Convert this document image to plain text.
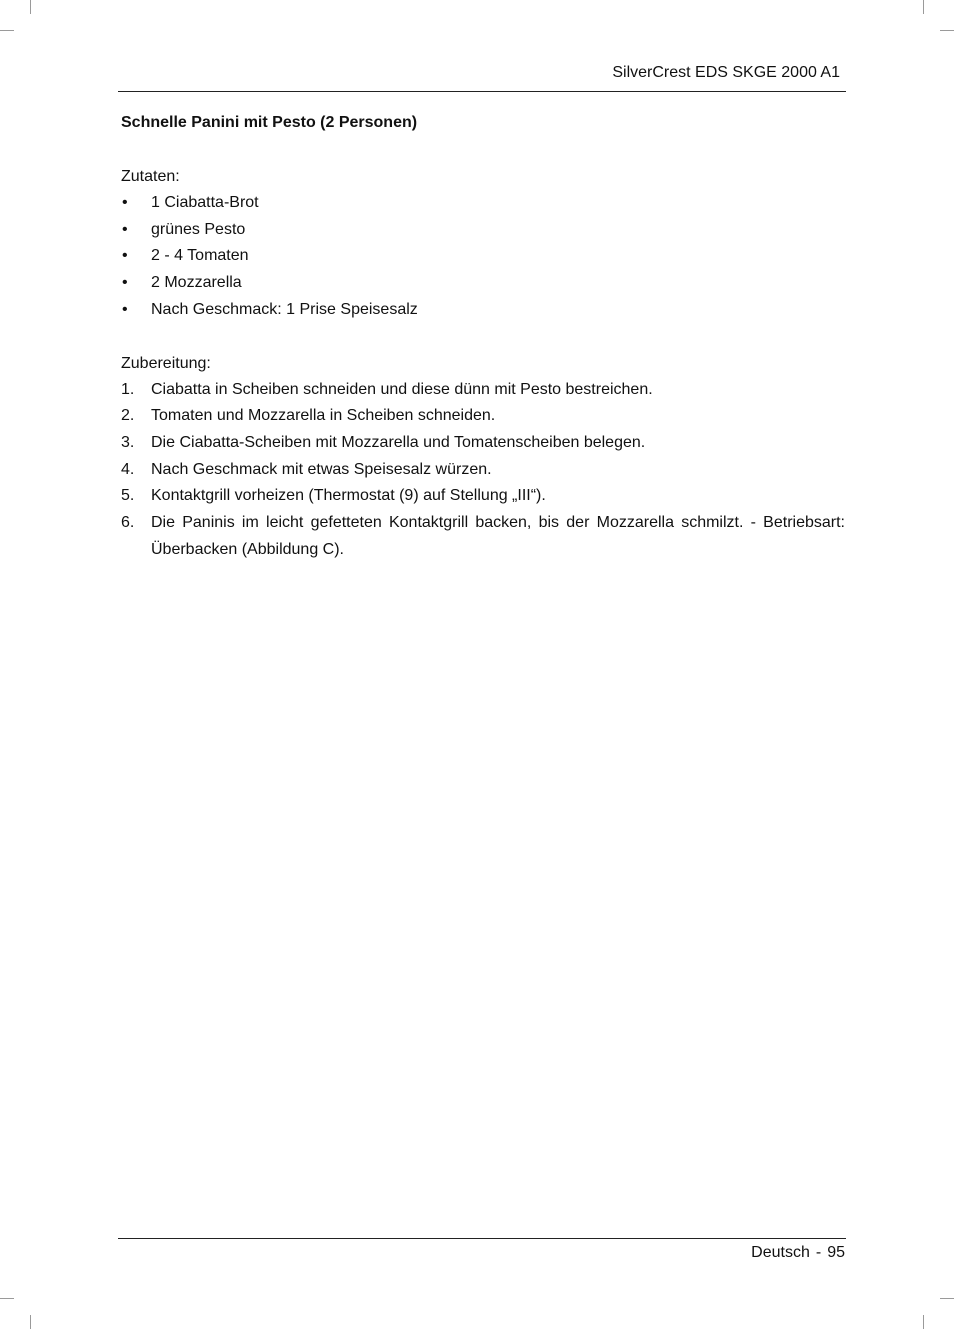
SilverCrest EDS SKGE 2000 A1
Schnelle Panini mit Pesto (2 Personen)
Zutaten:
• 1 Ciabatta-Brot
• grünes Pesto
• 2 - 4 Tomaten
• 2 Mozzarella
• Nach Geschmack: 1 Prise Speisesalz
Zubereitung:
1. Ciabatta in Scheiben schneiden und diese dünn mit Pesto bestreichen.
2. Tomaten und Mozzarella in Scheiben schneiden.
3. Die Ciabatta-Scheiben mit Mozzarella und Tomatenscheiben belegen.
4. Nach Geschmack mit etwas Speisesalz würzen.
5. Kontaktgrill vorheizen (Thermostat (9) auf Stellung „III“).
6. Die Paninis im leicht gefetteten Kontaktgrill backen, bis der Mozzarella schmilzt. - Betriebsart: Überbacken (Abbildung C).
Deutsch - 95
